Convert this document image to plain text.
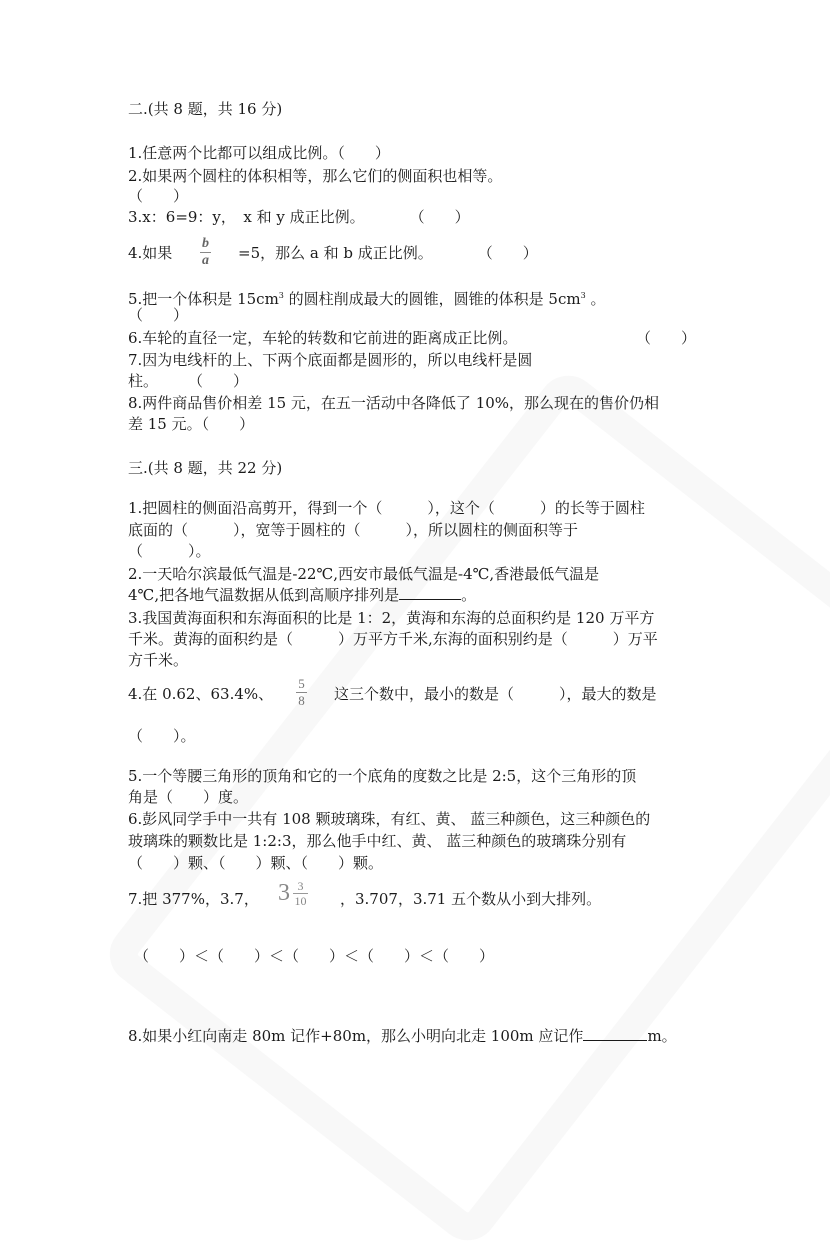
二.(共 8 题，共 16 分)
1.任意两个比都可以组成比例。（　　）
2.如果两个圆柱的体积相等，那么它们的侧面积也相等。
（　　）
3.x：6=9：y，　x 和 y 成正比例。　　　　（　　）
4.如果
b
a =5，那么 a 和 b 成正比例。　　　　（　　）
5.把一个体积是 $15cm^3$ 的圆柱削成最大的圆锥，圆锥的体积是 $5cm^3$ 。
（　　）
6.车轮的直径一定，车轮的转数和它前进的距离成正比例。	（　　）
7.因为电线杆的上、下两个底面都是圆形的，所以电线杆是圆
柱。　　　（　　）
8.两件商品售价相差 15 元，在五一活动中各降低了 10%，那么现在的售价仍相
差 15 元。（　　）
三.(共 8 题，共 22 分)
1.把圆柱的侧面沿高剪开，得到一个（　　　），这个（　　　）的长等于圆柱
底面的（　　　），宽等于圆柱的（　　　），所以圆柱的侧面积等于
（　　　）。
2.一天哈尔滨最低气温是-22℃,西安市最低气温是-4℃,香港最低气温是
4℃,把各地气温数据从低到高顺序排列是	。
3.我国黄海面积和东海面积的比是 1：2，黄海和东海的总面积约是 120 万平方
千米。黄海的面积约是（　　　）万平方千米,东海的面积别约是（　　　）万平
方千米。
4.在 0.62、63.4%、
5
8 这三个数中，最小的数是（　　　），最大的数是
（　　）。
5.一个等腰三角形的顶角和它的一个底角的度数之比是 2:5，这个三角形的顶
角是（　　）度。
6.彭风同学手中一共有 108 颗玻璃珠，有红、黄、 蓝三种颜色，这三种颜色的
玻璃珠的颗数比是 1:2:3，那么他手中红、黄、 蓝三种颜色的玻璃珠分别有
（　　）颗、（　　）颗、（　　）颗。
7.把 377%，3.7， 3 3
10 ，3.707，3.71 五个数从小到大排列。
（　　）＜（　　）＜（　　）＜（　　）＜（　　）
8.如果小红向南走 80m 记作+80m，那么小明向北走 100m 应记作	m。
